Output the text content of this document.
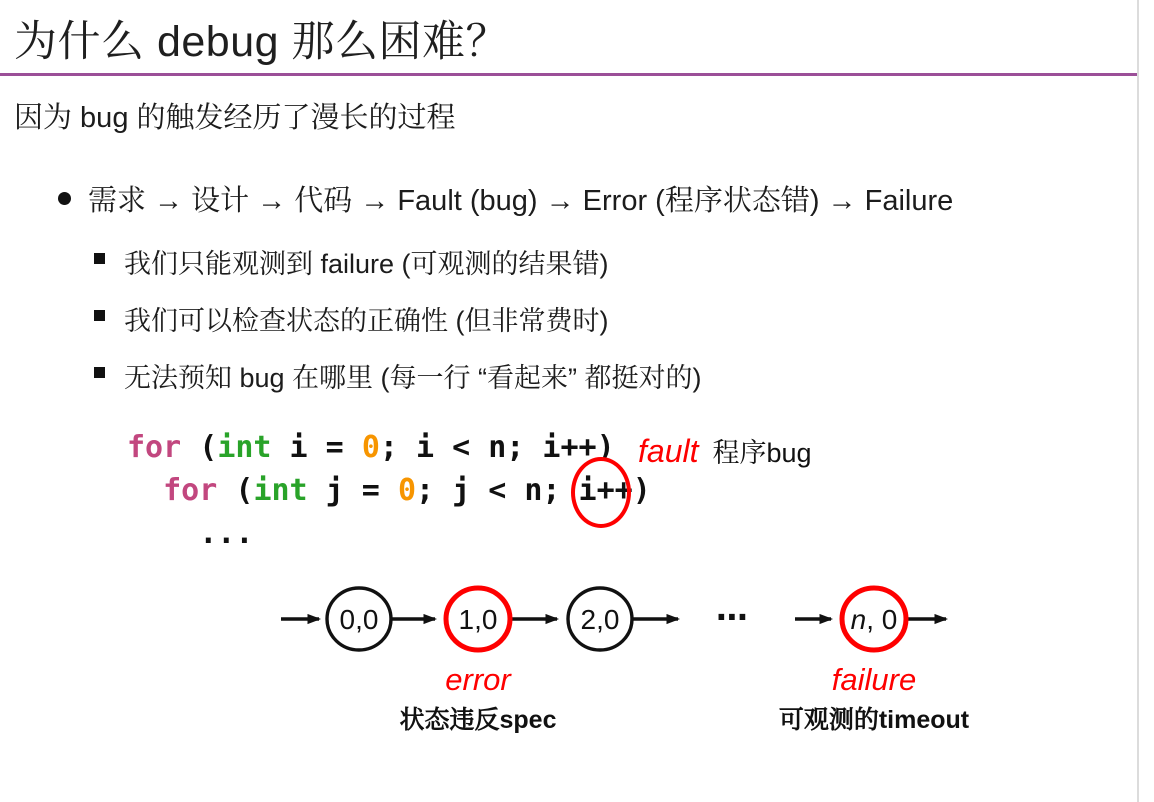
为什么 debug 那么困难？
因为 bug 的触发经历了漫长的过程
需求 → 设计 → 代码 → Fault (bug) → Error (程序状态错) → Failure
我们只能观测到 failure (可观测的结果错)
我们可以检查状态的正确性 (但非常费时)
无法预知 bug 在哪里 (每一行 “看起来” 都挺对的)
for (int i = 0; i < n; i++)
for (int j = 0; j < n; i++)
...
fault 程序bug
0,0	1,0	2,0	⋯	n, 0
error
状态违反spec
failure
可观测的timeout
